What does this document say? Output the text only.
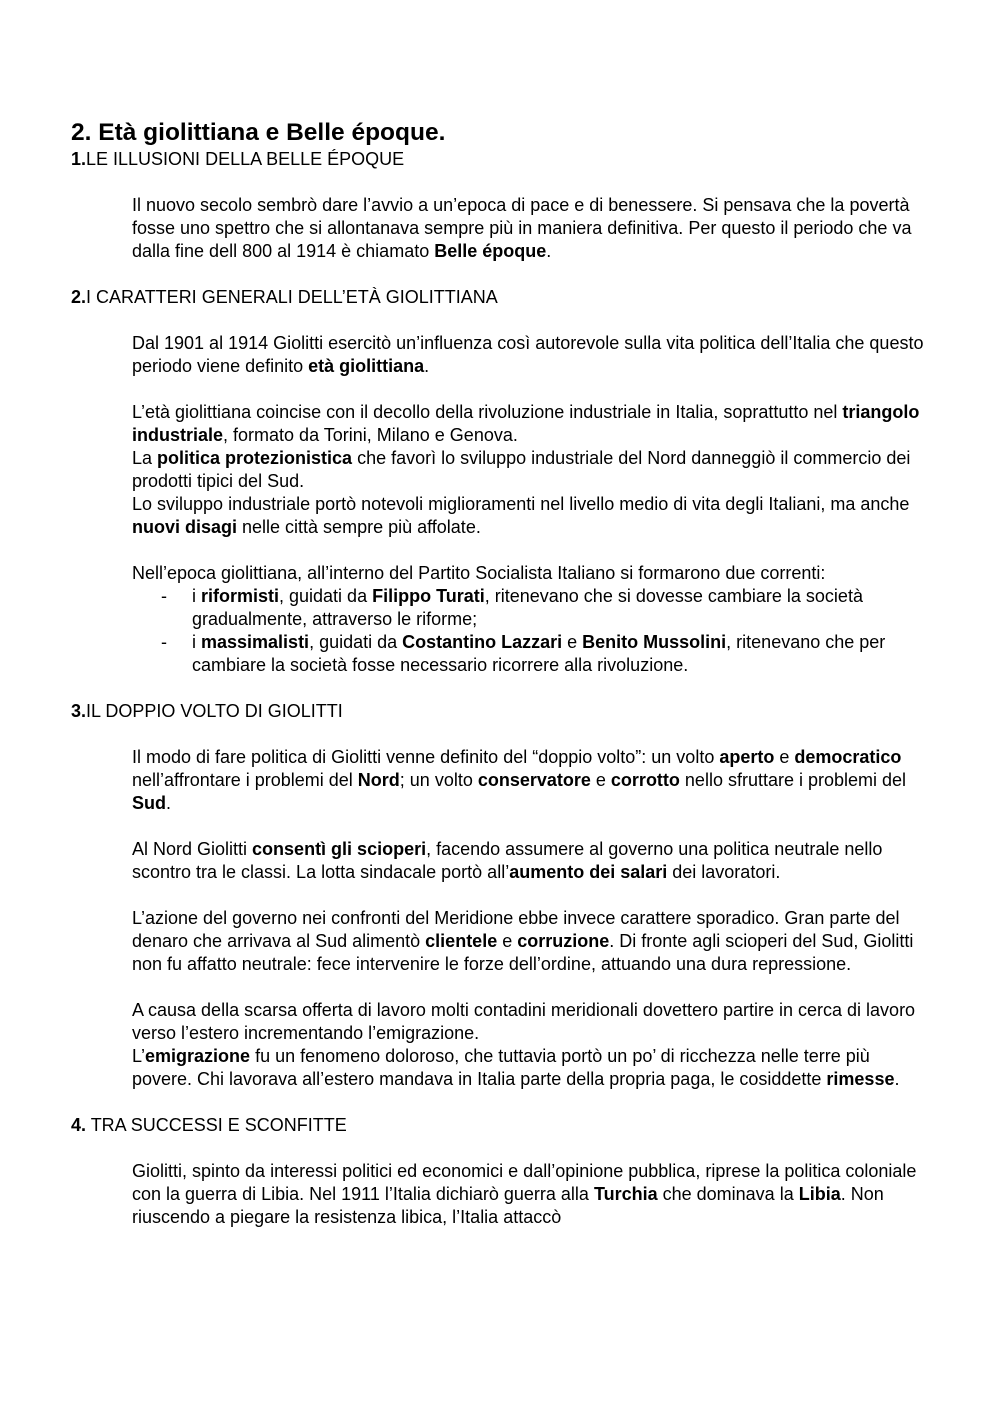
2. Età giolittiana e Belle époque.

1.LE ILLUSIONI DELLA BELLE ÉPOQUE

Il nuovo secolo sembrò dare l’avvio a un’epoca di pace e di benessere. Si pensava che la povertà fosse uno spettro che si allontanava sempre più in maniera definitiva. Per questo il periodo che va dalla fine dell 800 al 1914 è chiamato Belle époque.

2.I CARATTERI GENERALI DELL’ETÀ GIOLITTIANA

Dal 1901 al 1914 Giolitti esercitò un’influenza così autorevole sulla vita politica dell’Italia che questo periodo viene definito età giolittiana.

L’età giolittiana coincise con il decollo della rivoluzione industriale in Italia, soprattutto nel triangolo industriale, formato da Torini, Milano e Genova.

La politica protezionistica che favorì lo sviluppo industriale del Nord danneggiò il commercio dei prodotti tipici del Sud.

Lo sviluppo industriale portò notevoli miglioramenti nel livello medio di vita degli Italiani, ma anche nuovi disagi nelle città sempre più affolate.

Nell’epoca giolittiana, all’interno del Partito Socialista Italiano si formarono due correnti:

- i riformisti, guidati da Filippo Turati, ritenevano che si dovesse cambiare la società gradualmente, attraverso le riforme;
- i massimalisti, guidati da Costantino Lazzari e Benito Mussolini, ritenevano che per cambiare la società fosse necessario ricorrere alla rivoluzione.

3.IL DOPPIO VOLTO DI GIOLITTI

Il modo di fare politica di Giolitti venne definito del “doppio volto”: un volto aperto e democratico nell’affrontare i problemi del Nord; un volto conservatore e corrotto nello sfruttare i problemi del Sud.

Al Nord Giolitti consentì gli scioperi, facendo assumere al governo una politica neutrale nello scontro tra le classi. La lotta sindacale portò all’aumento dei salari dei lavoratori.

L’azione del governo nei confronti del Meridione ebbe invece carattere sporadico. Gran parte del denaro che arrivava al Sud alimentò clientele e corruzione. Di fronte agli scioperi del Sud, Giolitti non fu affatto neutrale: fece intervenire le forze dell’ordine, attuando una dura repressione.

A causa della scarsa offerta di lavoro molti contadini meridionali dovettero partire in cerca di lavoro verso l’estero incrementando l’emigrazione.

L’emigrazione fu un fenomeno doloroso, che tuttavia portò un po’ di ricchezza nelle terre più povere. Chi lavorava all’estero mandava in Italia parte della propria paga, le cosiddette rimesse.

4. TRA SUCCESSI E SCONFITTE

Giolitti, spinto da interessi politici ed economici e dall’opinione pubblica, riprese la politica coloniale con la guerra di Libia. Nel 1911 l’Italia dichiarò guerra alla Turchia che dominava la Libia. Non riuscendo a piegare la resistenza libica, l’Italia attaccò
